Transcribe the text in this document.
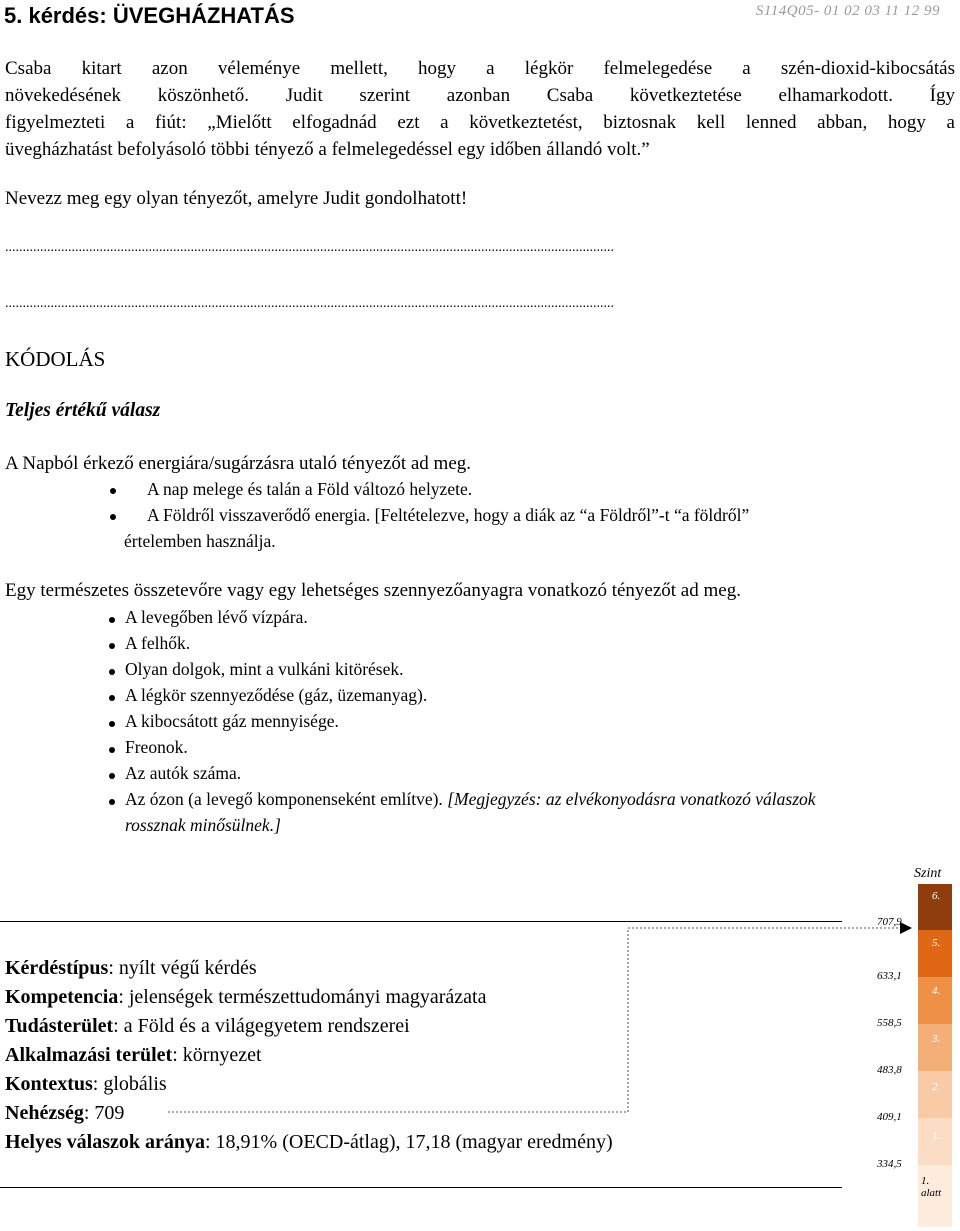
5. kérdés: ÜVEGHÁZHATÁS	S114Q05- 01 02 03 11 12 99
Csaba kitart azon véleménye mellett, hogy a légkör felmelegedése a szén-dioxid-kibocsátás
növekedésének köszönhető. Judit szerint azonban Csaba következtetése elhamarkodott. Így
figyelmezteti a fiút: „Mielőtt elfogadnád ezt a következtetést, biztosnak kell lenned abban, hogy a
üvegházhatást befolyásoló többi tényező a felmelegedéssel egy időben állandó volt.”
Nevezz meg egy olyan tényezőt, amelyre Judit gondolhatott!
..............................................................................................................................................................................
..............................................................................................................................................................................
KÓDOLÁS
Teljes értékű válasz
A Napból érkező energiára/sugárzásra utaló tényezőt ad meg.
A nap melege és talán a Föld változó helyzete.
A Földről visszaverődő energia. [Feltételezve, hogy a diák az “a Földről”-t “a földről”
értelemben használja.
Egy természetes összetevőre vagy egy lehetséges szennyezőanyagra vonatkozó tényezőt ad meg.
A levegőben lévő vízpára.
A felhők.
Olyan dolgok, mint a vulkáni kitörések.
A légkör szennyeződése (gáz, üzemanyag).
A kibocsátott gáz mennyisége.
Freonok.
Az autók száma.
Az ózon (a levegő komponenseként említve). [Megjegyzés: az elvékonyodásra vonatkozó válaszok
rossznak minősülnek.]
Kérdéstípus: nyílt végű kérdés
Kompetencia: jelenségek természettudományi magyarázata
Tudásterület: a Föld és a világegyetem rendszerei
Alkalmazási terület: környezet
Kontextus: globális
Nehézség: 709
Helyes válaszok aránya: 18,91% (OECD-átlag), 17,18 (magyar eredmény)
Szint
6.
5.
4.
3.
2.
1.
1. alatt
707,9
633,1
558,5
483,8
409,1
334,5
